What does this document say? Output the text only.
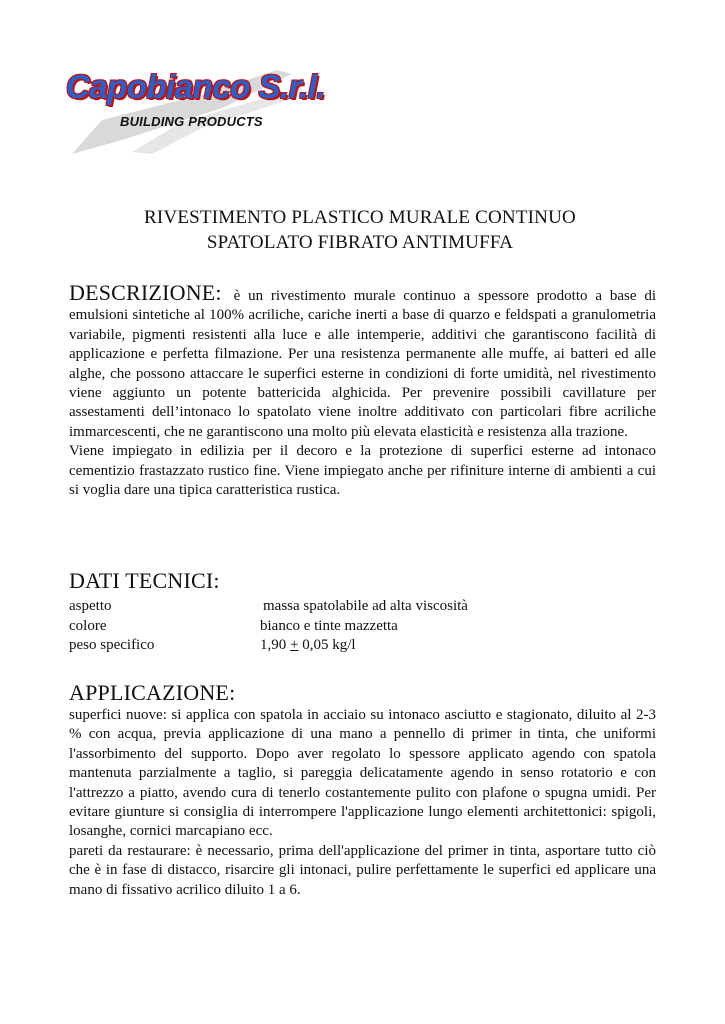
Capobianco S.r.l.
BUILDING PRODUCTS
RIVESTIMENTO PLASTICO MURALE CONTINUO
SPATOLATO FIBRATO ANTIMUFFA

DESCRIZIONE: è un rivestimento murale continuo a spessore prodotto a base di emulsioni sintetiche al 100% acriliche, cariche inerti a base di quarzo e feldspati a granulometria variabile, pigmenti resistenti alla luce e alle intemperie, additivi che garantiscono facilità di applicazione e perfetta filmazione. Per una resistenza permanente alle muffe, ai batteri ed alle alghe, che possono attaccare le superfici esterne in condizioni di forte umidità, nel rivestimento viene aggiunto un potente battericida alghicida. Per prevenire possibili cavillature per assestamenti dell’intonaco lo spatolato viene inoltre additivato con particolari fibre acriliche immarcescenti, che ne garantiscono una molto più elevata elasticità e resistenza alla trazione.

Viene impiegato in edilizia per il decoro e la protezione di superfici esterne ad intonaco cementizio frastazzato rustico fine. Viene impiegato anche per rifiniture interne di ambienti a cui si voglia dare una tipica caratteristica rustica.

DATI TECNICI:
aspetto	massa spatolabile ad alta viscosità
colore	bianco e tinte mazzetta
peso specifico	1,90 + 0,05 kg/l
APPLICAZIONE:
superfici nuove: si applica con spatola in acciaio su intonaco asciutto e stagionato, diluito al 2-3 % con acqua, previa applicazione di una mano a pennello di primer in tinta, che uniformi l'assorbimento del supporto. Dopo aver regolato lo spessore applicato agendo con spatola mantenuta parzialmente a taglio, si pareggia delicatamente agendo in senso rotatorio e con l'attrezzo a piatto, avendo cura di tenerlo costantemente pulito con plafone o spugna umidi. Per evitare giunture si consiglia di interrompere l'applicazione lungo elementi architettonici: spigoli, losanghe, cornici marcapiano ecc.
pareti da restaurare: è necessario, prima dell'applicazione del primer in tinta, asportare tutto ciò che è in fase di distacco, risarcire gli intonaci, pulire perfettamente le superfici ed applicare una mano di fissativo acrilico diluito 1 a 6.
